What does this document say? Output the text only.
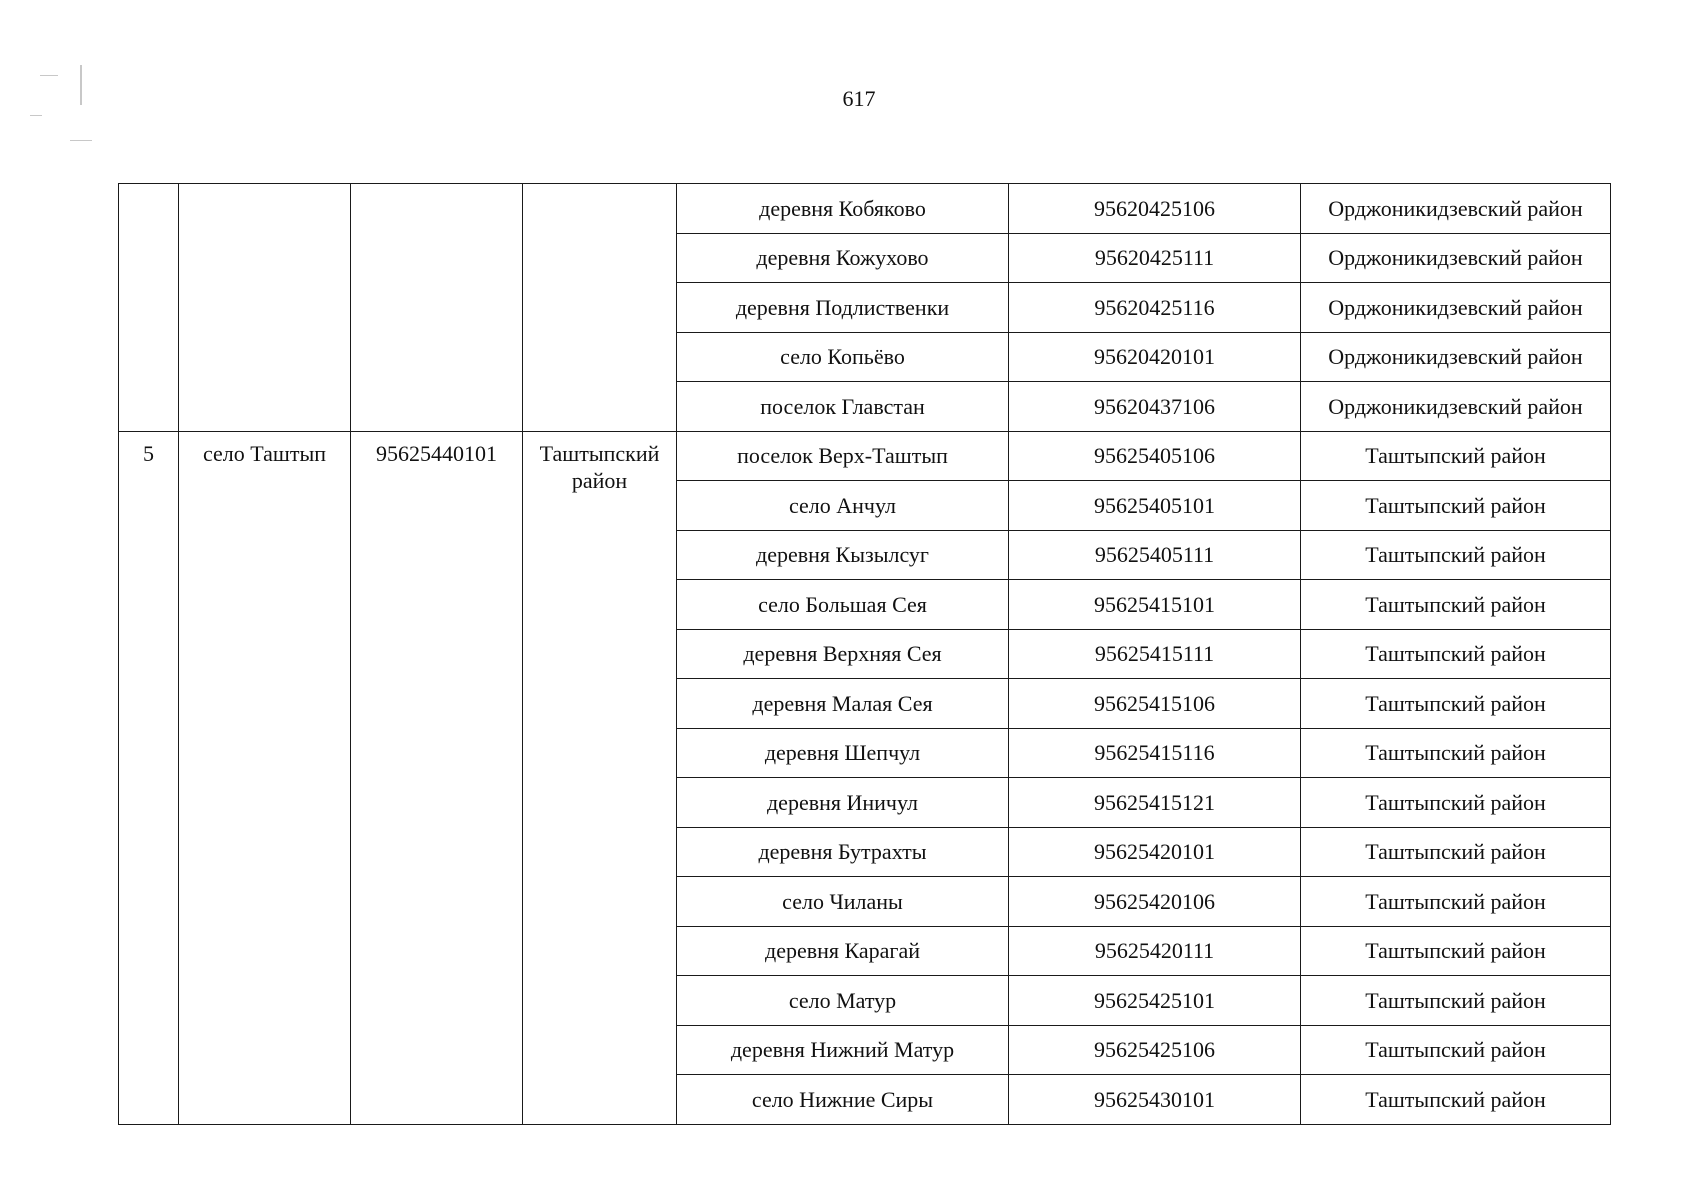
617
				деревня Кобяково	95620425106	Орджоникидзевский район
				деревня Кожухово	95620425111	Орджоникидзевский район
				деревня Подлиственки	95620425116	Орджоникидзевский район
				село Копьёво	95620420101	Орджоникидзевский район
				поселок Главстан	95620437106	Орджоникидзевский район
5	село Таштып	95625440101	Таштыпский район	поселок Верх-Таштып	95625405106	Таштыпский район
				село Анчул	95625405101	Таштыпский район
				деревня Кызылсуг	95625405111	Таштыпский район
				село Большая Сея	95625415101	Таштыпский район
				деревня Верхняя Сея	95625415111	Таштыпский район
				деревня Малая Сея	95625415106	Таштыпский район
				деревня Шепчул	95625415116	Таштыпский район
				деревня Иничул	95625415121	Таштыпский район
				деревня Бутрахты	95625420101	Таштыпский район
				село Чиланы	95625420106	Таштыпский район
				деревня Карагай	95625420111	Таштыпский район
				село Матур	95625425101	Таштыпский район
				деревня Нижний Матур	95625425106	Таштыпский район
				село Нижние Сиры	95625430101	Таштыпский район
